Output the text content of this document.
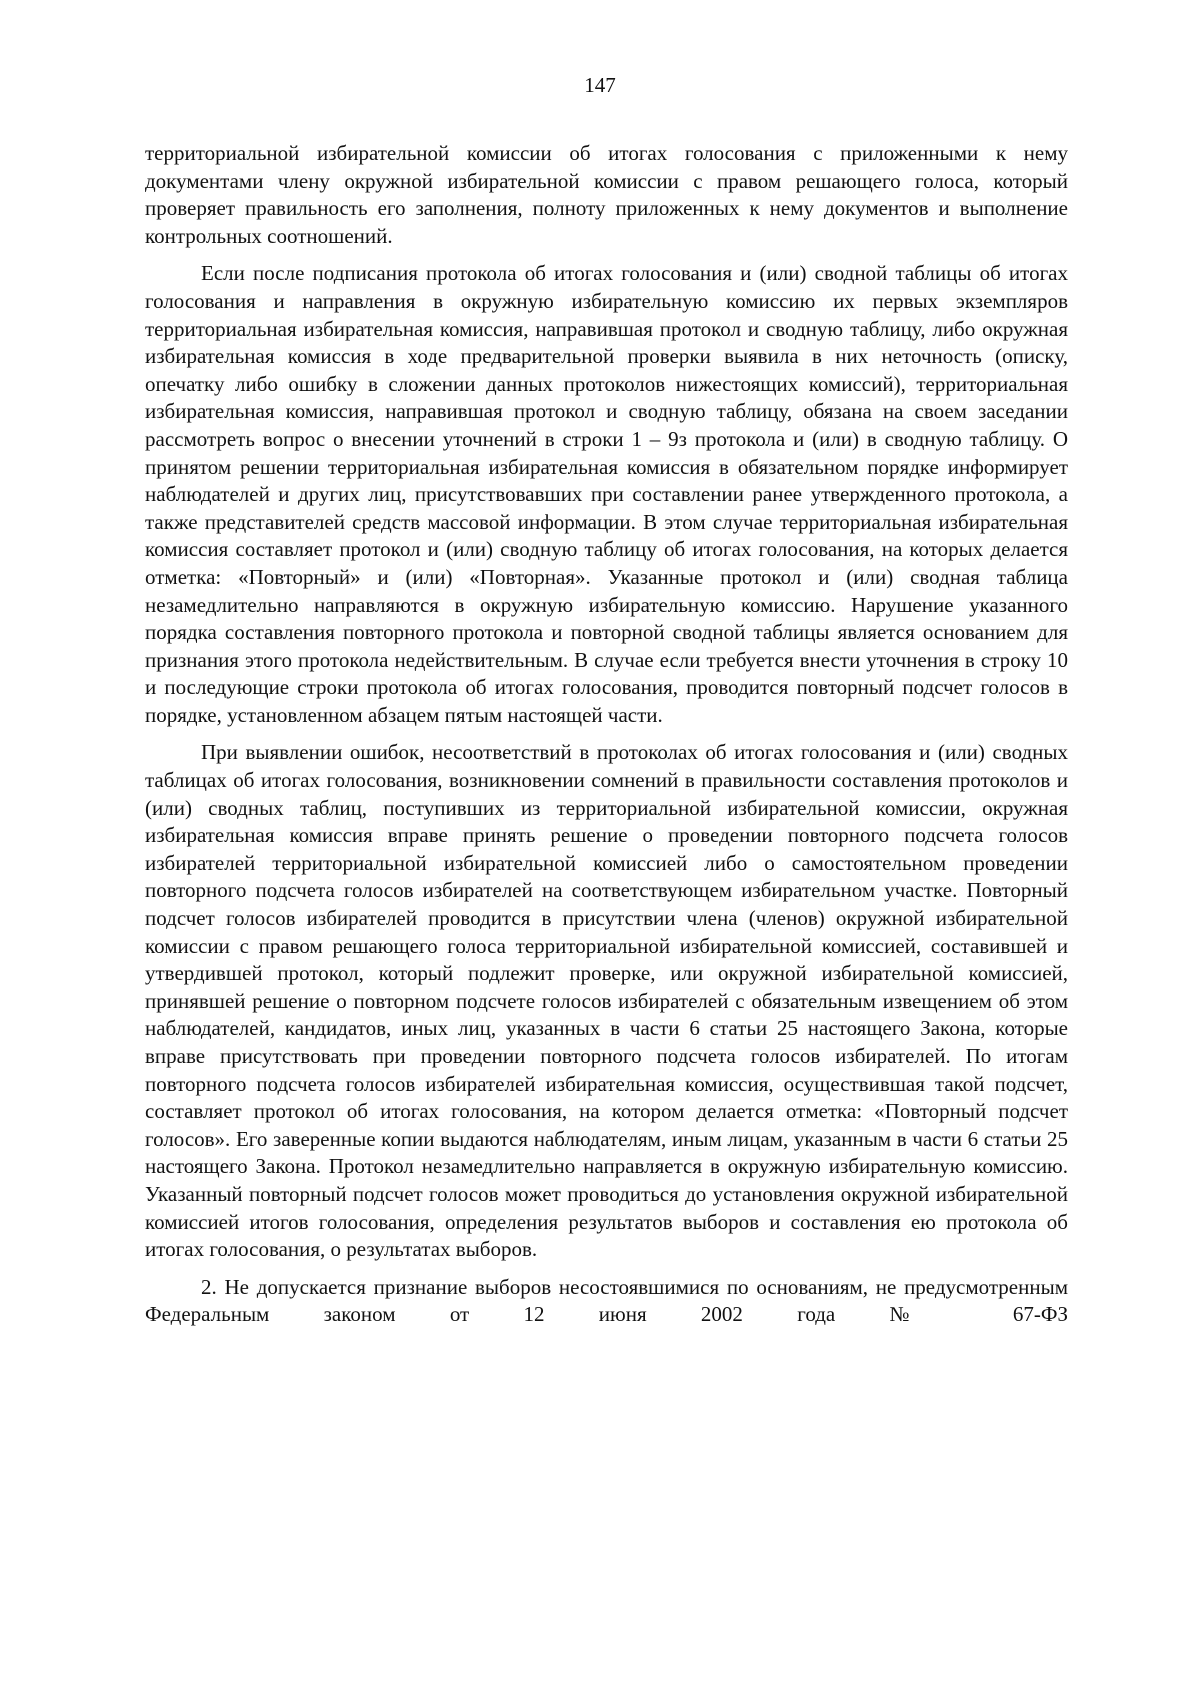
147

территориальной избирательной комиссии об итогах голосования с приложенными к нему документами члену окружной избирательной комиссии с правом решающего голоса, который проверяет правильность его заполнения, полноту приложенных к нему документов и выполнение контрольных соотношений.

Если после подписания протокола об итогах голосования и (или) сводной таблицы об итогах голосования и направления в окружную избирательную комиссию их первых экземпляров территориальная избирательная комиссия, направившая протокол и сводную таблицу, либо окружная избирательная комиссия в ходе предварительной проверки выявила в них неточность (описку, опечатку либо ошибку в сложении данных протоколов нижестоящих комиссий), территориальная избирательная комиссия, направившая протокол и сводную таблицу, обязана на своем заседании рассмотреть вопрос о внесении уточнений в строки 1 – 9з протокола и (или) в сводную таблицу. О принятом решении территориальная избирательная комиссия в обязательном порядке информирует наблюдателей и других лиц, присутствовавших при составлении ранее утвержденного протокола, а также представителей средств массовой информации. В этом случае территориальная избирательная комиссия составляет протокол и (или) сводную таблицу об итогах голосования, на которых делается отметка: «Повторный» и (или) «Повторная». Указанные протокол и (или) сводная таблица незамедлительно направляются в окружную избирательную комиссию. Нарушение указанного порядка составления повторного протокола и повторной сводной таблицы является основанием для признания этого протокола недействительным. В случае если требуется внести уточнения в строку 10 и последующие строки протокола об итогах голосования, проводится повторный подсчет голосов в порядке, установленном абзацем пятым настоящей части.

При выявлении ошибок, несоответствий в протоколах об итогах голосования и (или) сводных таблицах об итогах голосования, возникновении сомнений в правильности составления протоколов и (или) сводных таблиц, поступивших из территориальной избирательной комиссии, окружная избирательная комиссия вправе принять решение о проведении повторного подсчета голосов избирателей территориальной избирательной комиссией либо о самостоятельном проведении повторного подсчета голосов избирателей на соответствующем избирательном участке. Повторный подсчет голосов избирателей проводится в присутствии члена (членов) окружной избирательной комиссии с правом решающего голоса территориальной избирательной комиссией, составившей и утвердившей протокол, который подлежит проверке, или окружной избирательной комиссией, принявшей решение о повторном подсчете голосов избирателей с обязательным извещением об этом наблюдателей, кандидатов, иных лиц, указанных в части 6 статьи 25 настоящего Закона, которые вправе присутствовать при проведении повторного подсчета голосов избирателей. По итогам повторного подсчета голосов избирателей избирательная комиссия, осуществившая такой подсчет, составляет протокол об итогах голосования, на котором делается отметка: «Повторный подсчет голосов». Его заверенные копии выдаются наблюдателям, иным лицам, указанным в части 6 статьи 25 настоящего Закона. Протокол незамедлительно направляется в окружную избирательную комиссию. Указанный повторный подсчет голосов может проводиться до установления окружной избирательной комиссией итогов голосования, определения результатов выборов и составления ею протокола об итогах голосования, о результатах выборов.

2. Не допускается признание выборов несостоявшимися по основаниям, не предусмотренным Федеральным законом от 12 июня 2002 года № 67-ФЗ
